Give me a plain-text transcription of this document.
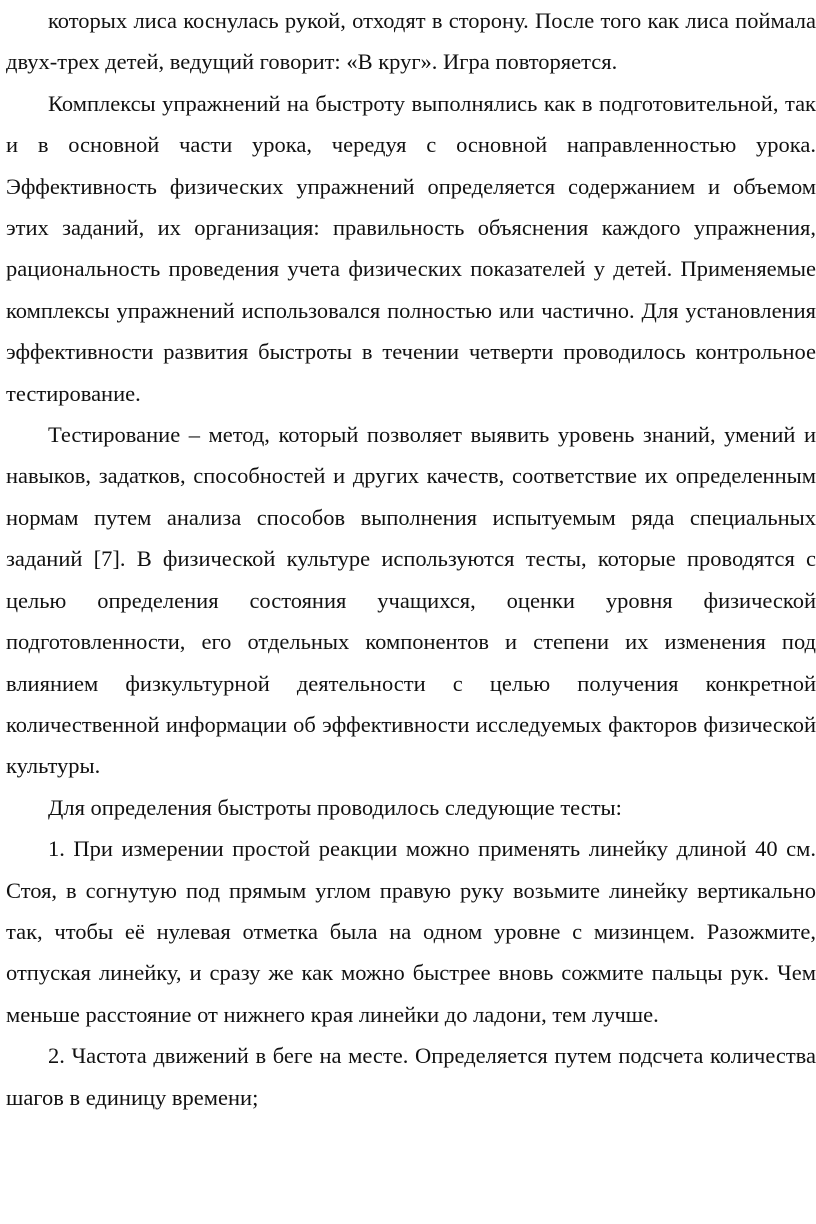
которых лиса коснулась рукой, отходят в сторону. После того как лиса поймала двух-трех детей, ведущий говорит: «В круг». Игра повторяется.

Комплексы упражнений на быстроту выполнялись как в подготовительной, так и в основной части урока, чередуя с основной направленностью урока. Эффективность физических упражнений определяется содержанием и объемом этих заданий, их организация: правильность объяснения каждого упражнения, рациональность проведения учета физических показателей у детей. Применяемые комплексы упражнений использовался полностью или частично. Для установления эффективности развития быстроты в течении четверти проводилось контрольное тестирование.

Тестирование – метод, который позволяет выявить уровень знаний, умений и навыков, задатков, способностей и других качеств, соответствие их определенным нормам путем анализа способов выполнения испытуемым ряда специальных заданий [7]. В физической культуре используются тесты, которые проводятся с целью определения состояния учащихся, оценки уровня физической подготовленности, его отдельных компонентов и степени их изменения под влиянием физкультурной деятельности с целью получения конкретной количественной информации об эффективности исследуемых факторов физической культуры.

Для определения быстроты проводилось следующие тесты:

1. При измерении простой реакции можно применять линейку длиной 40 см. Стоя, в согнутую под прямым углом правую руку возьмите линейку вертикально так, чтобы её нулевая отметка была на одном уровне с мизинцем. Разожмите, отпуская линейку, и сразу же как можно быстрее вновь сожмите пальцы рук. Чем меньше расстояние от нижнего края линейки до ладони, тем лучше.

2. Частота движений в беге на месте. Определяется путем подсчета количества шагов в единицу времени;
